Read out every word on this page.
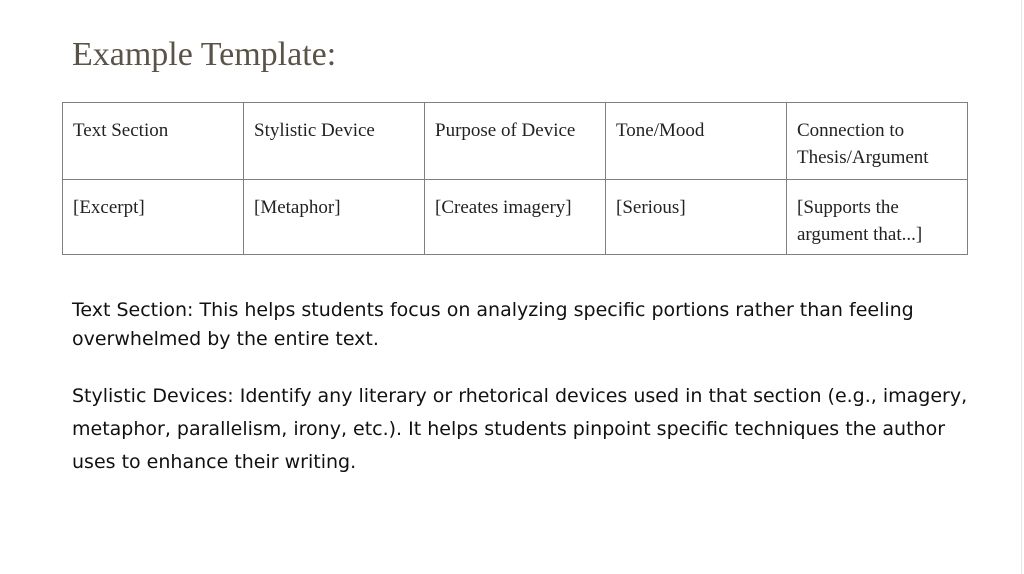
Example Template:
Text Section	Stylistic Device	Purpose of Device	Tone/Mood	Connection to Thesis/Argument
[Excerpt]	[Metaphor]	[Creates imagery]	[Serious]	[Supports the argument that...]

Text Section: This helps students focus on analyzing specific portions rather than feeling overwhelmed by the entire text.

Stylistic Devices: Identify any literary or rhetorical devices used in that section (e.g., imagery, metaphor, parallelism, irony, etc.). It helps students pinpoint specific techniques the author uses to enhance their writing.
